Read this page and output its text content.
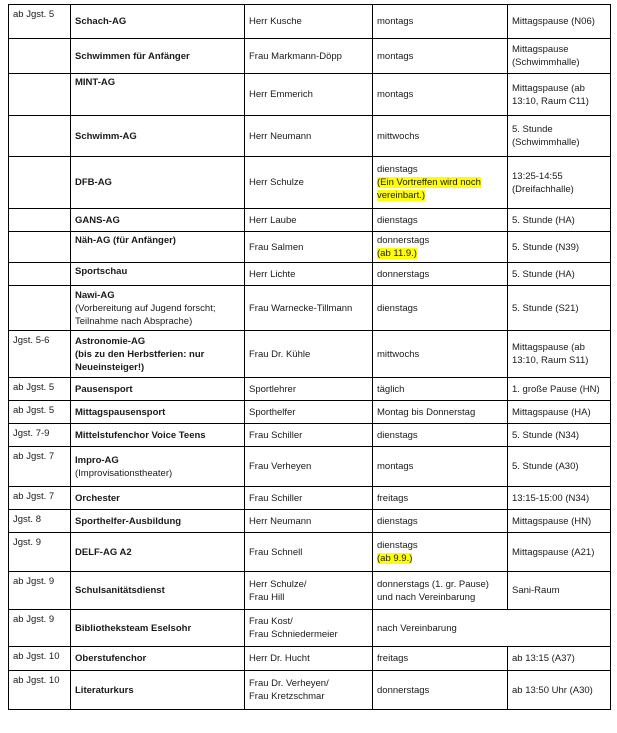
ab Jgst. 5	Schach-AG	Herr Kusche	montags	Mittagspause (N06)

	Schwimmen für Anfänger	Frau Markmann-Döpp	montags	Mittagspause
(Schwimmhalle)

	MINT-AG	Herr Emmerich	montags	Mittagspause (ab
13:10, Raum C11)

	Schwimm-AG	Herr Neumann	mittwochs	5. Stunde
(Schwimmhalle)

	DFB-AG	Herr Schulze	dienstags
(Ein Vortreffen wird noch
vereinbart.)	13:25-14:55
(Dreifachhalle)

	GANS-AG	Herr Laube	dienstags	5. Stunde (HA)

	Näh-AG (für Anfänger)	Frau Salmen	donnerstags
(ab 11.9.)	5. Stunde (N39)

	Sportschau	Herr Lichte	donnerstags	5. Stunde (HA)

	Nawi-AG
(Vorbereitung auf Jugend forscht;
Teilnahme nach Absprache)	Frau Warnecke-Tillmann	dienstags	5. Stunde (S21)

Jgst. 5-6	Astronomie-AG
(bis zu den Herbstferien: nur
Neueinsteiger!)	Frau Dr. Kühle	mittwochs	Mittagspause (ab
13:10, Raum S11)

ab Jgst. 5	Pausensport	Sportlehrer	täglich	1. große Pause (HN)

ab Jgst. 5	Mittagspausensport	Sporthelfer	Montag bis Donnerstag	Mittagspause (HA)

Jgst. 7-9	Mittelstufenchor Voice Teens	Frau Schiller	dienstags	5. Stunde (N34)

ab Jgst. 7	Impro-AG
(Improvisationstheater)	Frau Verheyen	montags	5. Stunde (A30)

ab Jgst. 7	Orchester	Frau Schiller	freitags	13:15-15:00 (N34)

Jgst. 8	Sporthelfer-Ausbildung	Herr Neumann	dienstags	Mittagspause (HN)

Jgst. 9	DELF-AG A2	Frau Schnell	dienstags
(ab 9.9.)	Mittagspause (A21)

ab Jgst. 9	Schulsanitätsdienst	Herr Schulze/
Frau Hill	donnerstags (1. gr. Pause)
und nach Vereinbarung	Sani-Raum

ab Jgst. 9	Bibliotheksteam Eselsohr	Frau Kost/
Frau Schniedermeier	nach Vereinbarung	

ab Jgst. 10	Oberstufenchor	Herr Dr. Hucht	freitags	ab 13:15 (A37)

ab Jgst. 10	Literaturkurs	Frau Dr. Verheyen/
Frau Kretzschmar	donnerstags	ab 13:50 Uhr (A30)
